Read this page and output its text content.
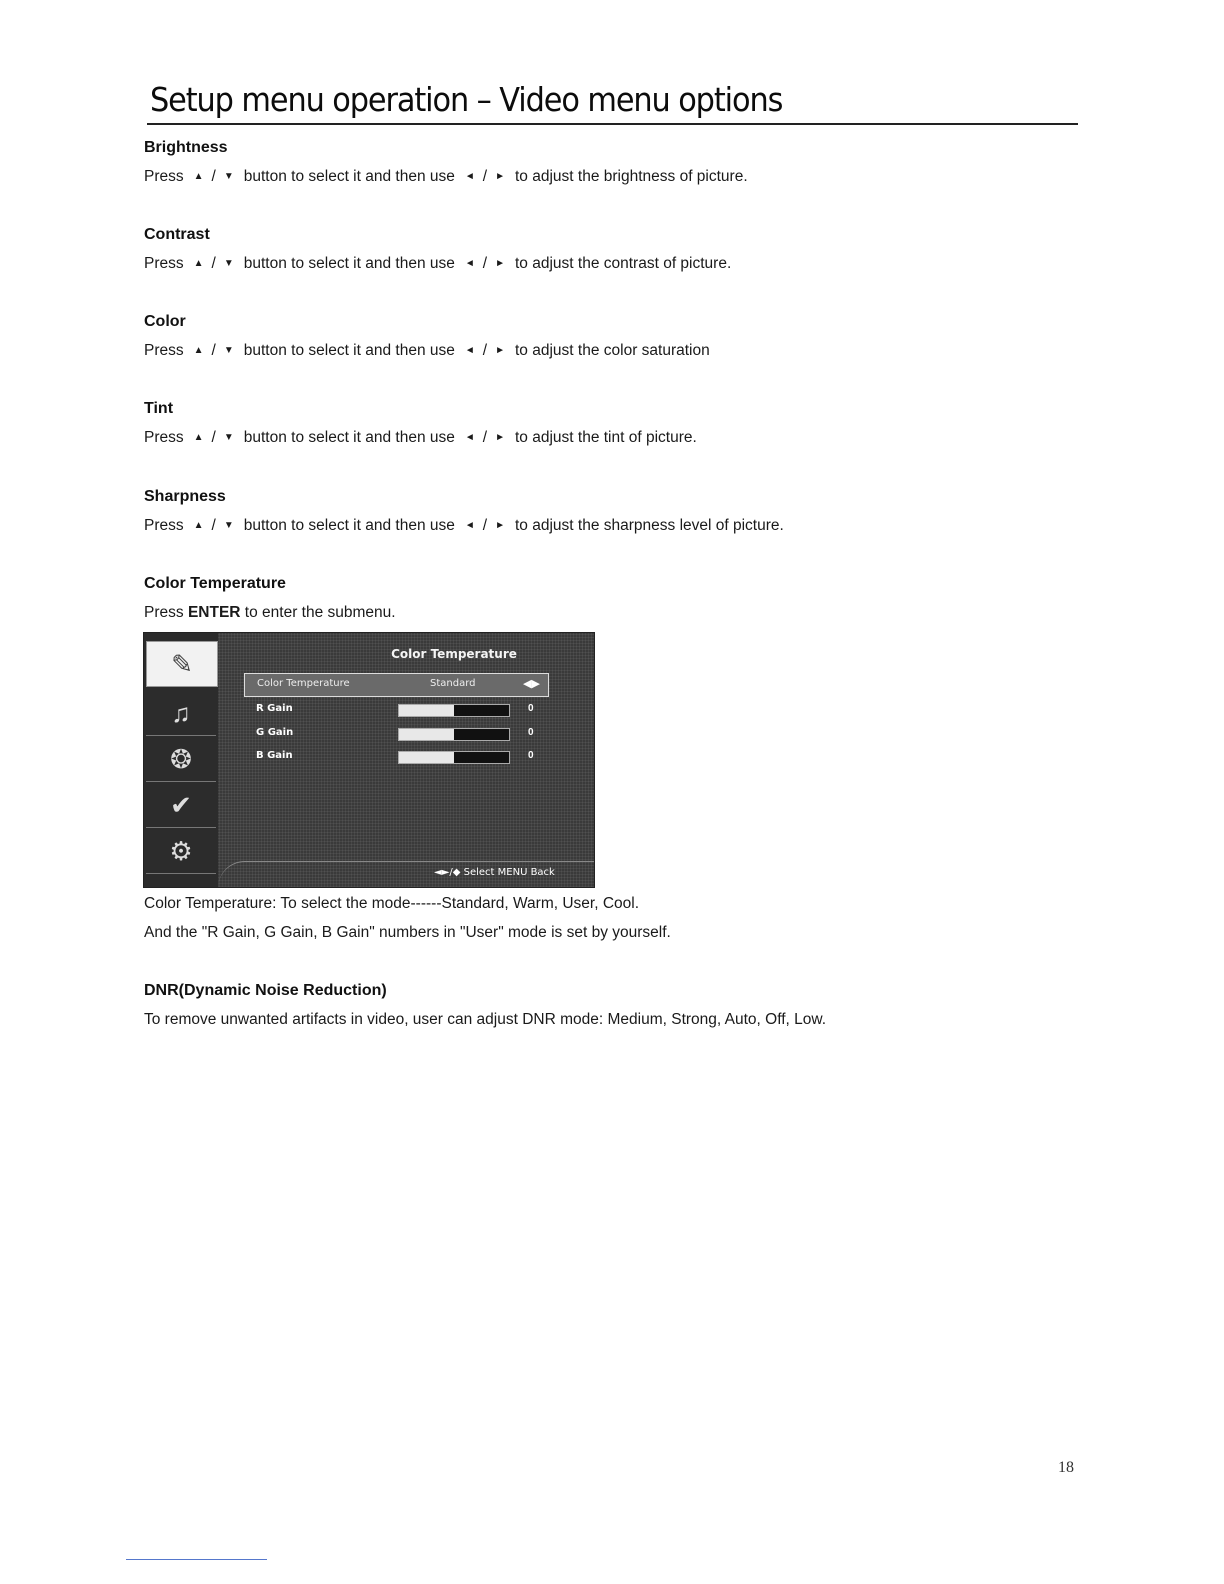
Setup menu operation – Video menu options
Brightness
Press ▲ / ▼ button to select it and then use ◄ / ► to adjust the brightness of picture.
Contrast
Press ▲ / ▼ button to select it and then use ◄ / ► to adjust the contrast of picture.
Color
Press ▲ / ▼ button to select it and then use ◄ / ► to adjust the color saturation
Tint
Press ▲ / ▼ button to select it and then use ◄ / ► to adjust the tint of picture.
Sharpness
Press ▲ / ▼ button to select it and then use ◄ / ► to adjust the sharpness level of picture.
Color Temperature
Press ENTER to enter the submenu.
✎
♫
❂
✔
⚙
Color Temperature
Color Temperature	Standard	◀▶
R Gain	0
G Gain	0
B Gain	0
◄►/◆ Select MENU Back
Color Temperature: To select the mode------Standard, Warm, User, Cool.
And the "R Gain, G Gain, B Gain" numbers in "User" mode is set by yourself.
DNR(Dynamic Noise Reduction)
To remove unwanted artifacts in video, user can adjust DNR mode: Medium, Strong, Auto, Off, Low.
18
